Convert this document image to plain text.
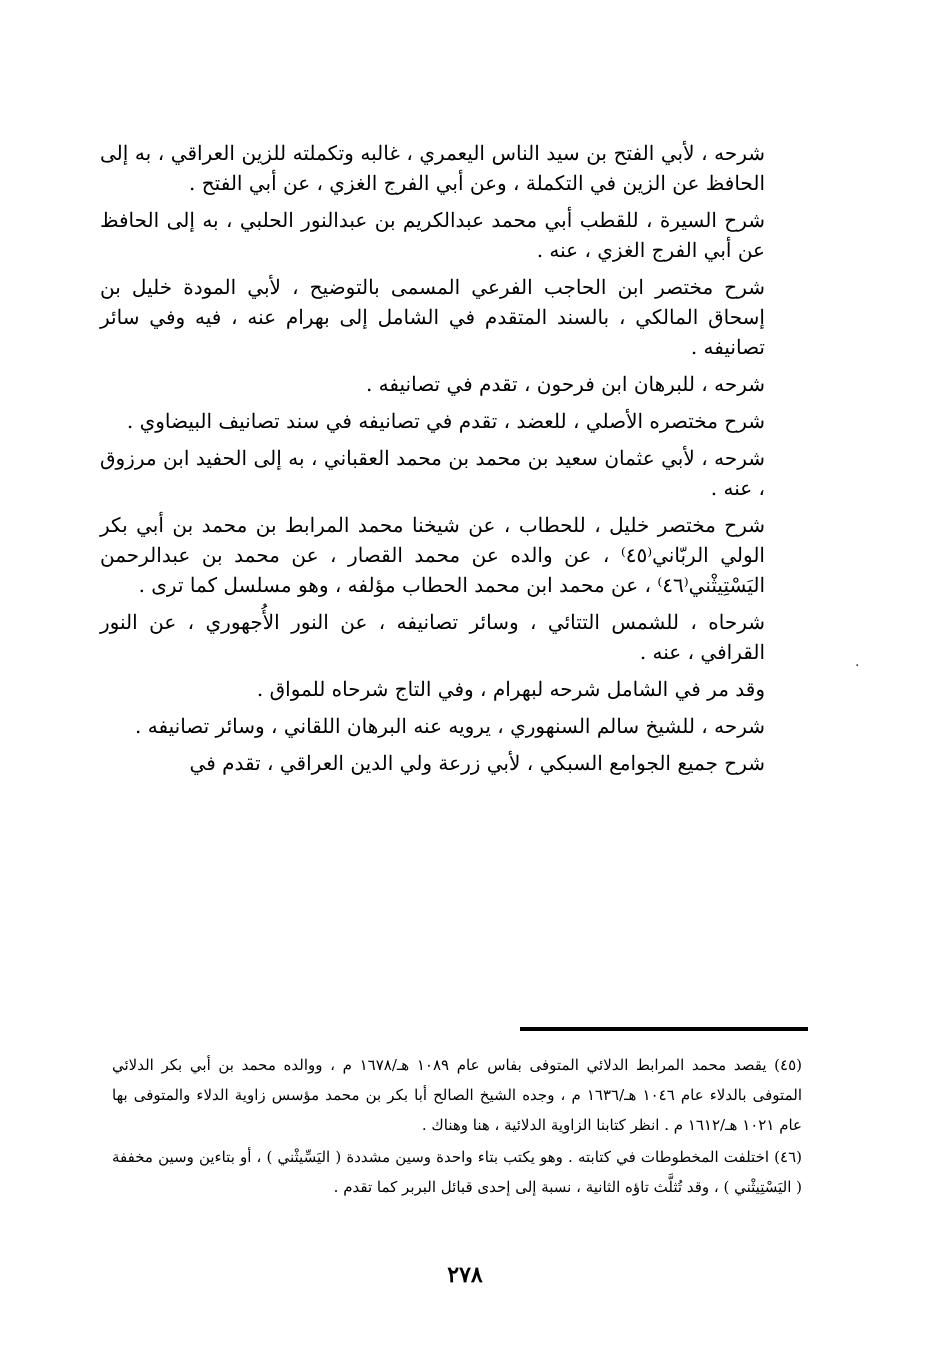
شرحه ، لأبي الفتح بن سيد الناس اليعمري ، غالبه وتكملته للزين العراقي ، به إلى الحافظ عن الزين في التكملة ، وعن أبي الفرج الغزي ، عن أبي الفتح .

شرح السيرة ، للقطب أبي محمد عبدالكريم بن عبدالنور الحلبي ، به إلى الحافظ عن أبي الفرج الغزي ، عنه .

شرح مختصر ابن الحاجب الفرعي المسمى بالتوضيح ، لأبي المودة خليل بن إسحاق المالكي ، بالسند المتقدم في الشامل إلى بهرام عنه ، فيه وفي سائر تصانيفه .

شرحه ، للبرهان ابن فرحون ، تقدم في تصانيفه .

شرح مختصره الأصلي ، للعضد ، تقدم في تصانيفه في سند تصانيف البيضاوي .

شرحه ، لأبي عثمان سعيد بن محمد بن محمد العقباني ، به إلى الحفيد ابن مرزوق ، عنه .

شرح مختصر خليل ، للحطاب ، عن شيخنا محمد المرابط بن محمد بن أبي بكر الولي الربّاني⁽٤٥⁾ ، عن والده عن محمد القصار ، عن محمد بن عبدالرحمن اليَسْتِيثْني⁽٤٦⁾ ، عن محمد ابن محمد الحطاب مؤلفه ، وهو مسلسل كما ترى .

شرحاه ، للشمس التتائي ، وسائر تصانيفه ، عن النور الأُجهوري ، عن النور القرافي ، عنه .

وقد مر في الشامل شرحه لبهرام ، وفي التاج شرحاه للمواق .

شرحه ، للشيخ سالم السنهوري ، يرويه عنه البرهان اللقاني ، وسائر تصانيفه .

شرح جميع الجوامع السبكي ، لأبي زرعة ولي الدين العراقي ، تقدم في

·

(٤٥) يقصد محمد المرابط الدلائي المتوفى بفاس عام ١٠٨٩ هـ/١٦٧٨ م ، ووالده محمد بن أبي بكر الدلائي المتوفى بالدلاء عام ١٠٤٦ هـ/١٦٣٦ م ، وجده الشيخ الصالح أبا بكر بن محمد مؤسس زاوية الدلاء والمتوفى بها عام ١٠٢١ هـ/١٦١٢ م . انظر كتابنا الزاوية الدلائية ، هنا وهناك .

(٤٦) اختلفت المخطوطات في كتابته . وهو يكتب بتاء واحدة وسين مشددة ( اليَسِّيثْني ) ، أو بتاءين وسين مخففة ( اليَسْتِيثْني ) ، وقد تُثلَّث تاؤه الثانية ، نسبة إلى إحدى قبائل البربر كما تقدم .

٢٧٨
